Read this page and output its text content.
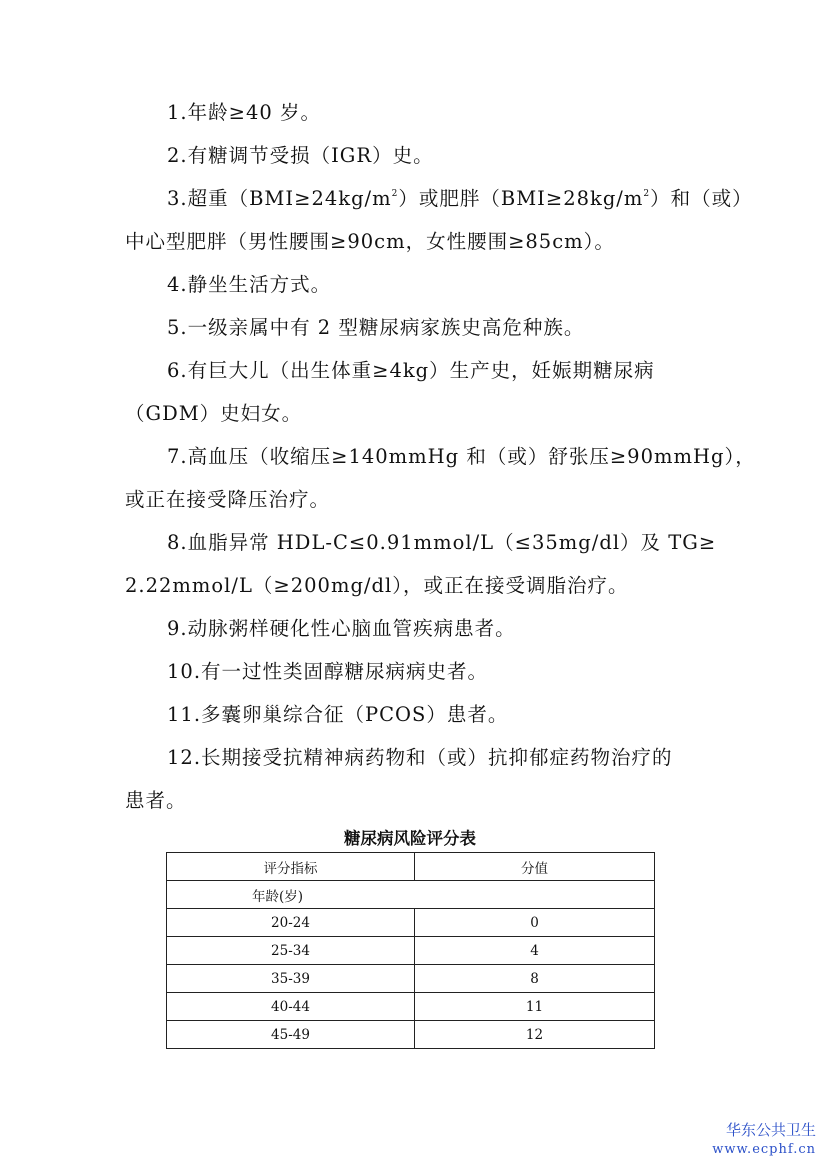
1.年龄≥40 岁。

2.有糖调节受损（IGR）史。

3.超重$(BMI\ge 24kg/m^2)$或肥胖$(BMI\ge 28kg/m^2)$和（或）

中心型肥胖（男性腰围≥90cm，女性腰围≥85cm）。

4.静坐生活方式。

5.一级亲属中有 2 型糖尿病家族史高危种族。

6.有巨大儿（出生体重≥4kg）生产史，妊娠期糖尿病

（GDM）史妇女。

7.高血压（收缩压≥140mmHg 和（或）舒张压≥90mmHg），

或正在接受降压治疗。

8.血脂异常 HDL-C≤0.91mmol/L（≤35mg/dl）及 TG≥

2.22mmol/L（≥200mg/dl），或正在接受调脂治疗。

9.动脉粥样硬化性心脑血管疾病患者。

10.有一过性类固醇糖尿病病史者。

11.多囊卵巢综合征（PCOS）患者。

12.长期接受抗精神病药物和（或）抗抑郁症药物治疗的

患者。

糖尿病风险评分表
评分指标	分值
年龄(岁)	
20-24	0
25-34	4
35-39	8
40-44	11
45-49	12
华东公共卫生
www.ecphf.cn
